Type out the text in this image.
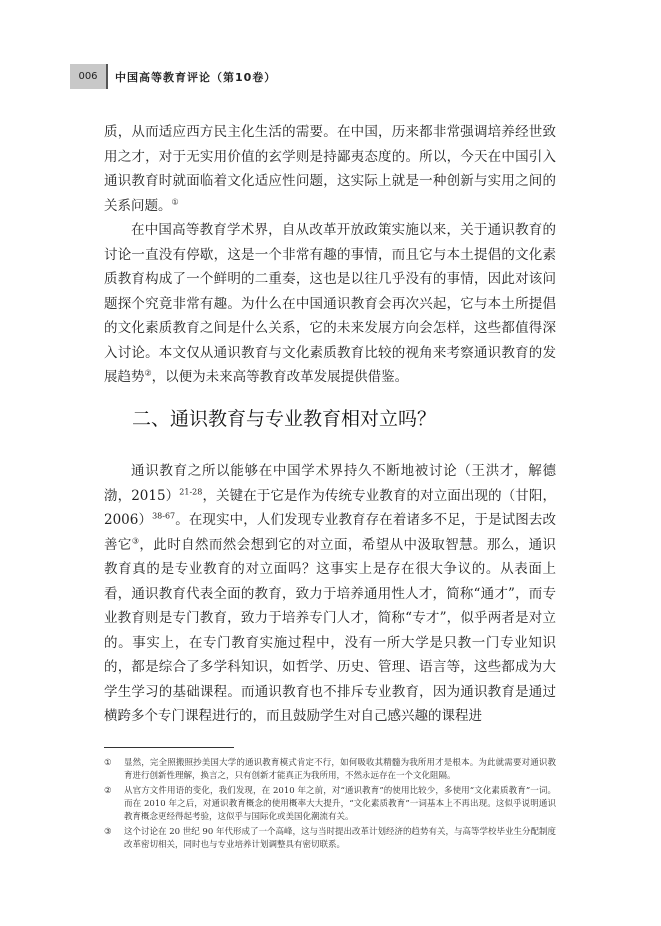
006	中国高等教育评论（第10卷）

质，从而适应西方民主化生活的需要。在中国，历来都非常强调培养经世致用之才，对于无实用价值的玄学则是持鄙夷态度的。所以，今天在中国引入通识教育时就面临着文化适应性问题，这实际上就是一种创新与实用之间的关系问题。①

在中国高等教育学术界，自从改革开放政策实施以来，关于通识教育的讨论一直没有停歇，这是一个非常有趣的事情，而且它与本土提倡的文化素质教育构成了一个鲜明的二重奏，这也是以往几乎没有的事情，因此对该问题探个究竟非常有趣。为什么在中国通识教育会再次兴起，它与本土所提倡的文化素质教育之间是什么关系，它的未来发展方向会怎样，这些都值得深入讨论。本文仅从通识教育与文化素质教育比较的视角来考察通识教育的发展趋势②，以便为未来高等教育改革发展提供借鉴。

二、通识教育与专业教育相对立吗？

通识教育之所以能够在中国学术界持久不断地被讨论（王洪才，解德渤，2015）$^{21-28}$，关键在于它是作为传统专业教育的对立面出现的（甘阳，2006）$^{38-67}$。在现实中，人们发现专业教育存在着诸多不足，于是试图去改善它③，此时自然而然会想到它的对立面，希望从中汲取智慧。那么，通识教育真的是专业教育的对立面吗？这事实上是存在很大争议的。从表面上看，通识教育代表全面的教育，致力于培养通用性人才，简称“通才”，而专业教育则是专门教育，致力于培养专门人才，简称“专才”，似乎两者是对立的。事实上，在专门教育实施过程中，没有一所大学是只教一门专业知识的，都是综合了多学科知识，如哲学、历史、管理、语言等，这些都成为大学生学习的基础课程。而通识教育也不排斥专业教育，因为通识教育是通过横跨多个专门课程进行的，而且鼓励学生对自己感兴趣的课程进

① 显然，完全照搬照抄美国大学的通识教育模式肯定不行，如何吸收其精髓为我所用才是根本。为此就需要对通识教育进行创新性理解，换言之，只有创新才能真正为我所用，不然永远存在一个文化阻隔。
② 从官方文件用语的变化，我们发现，在 2010 年之前，对“通识教育”的使用比较少，多使用“文化素质教育”一词。而在 2010 年之后，对通识教育概念的使用概率大大提升，“文化素质教育”一词基本上不再出现。这似乎说明通识教育概念更经得起考验，这似乎与国际化或美国化潮流有关。
③ 这个讨论在 20 世纪 90 年代形成了一个高峰，这与当时提出改革计划经济的趋势有关，与高等学校毕业生分配制度改革密切相关，同时也与专业培养计划调整具有密切联系。
